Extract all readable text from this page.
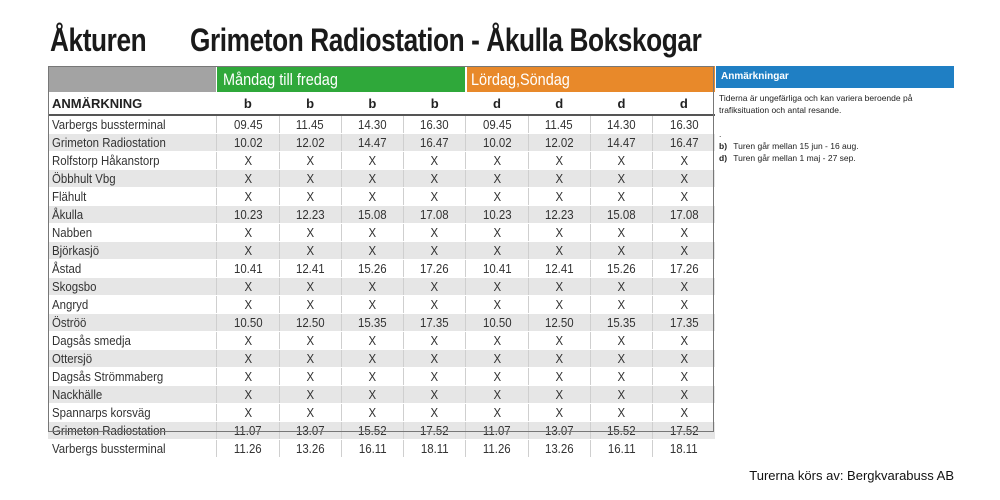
Åkturen Grimeton Radiostation - Åkulla Bokskogar
	Måndag till fredag				Lördag,Söndag			
ANMÄRKNING	b	b	b	b	d	d	d	d
Varbergs bussterminal	09.45	11.45	14.30	16.30	09.45	11.45	14.30	16.30
Grimeton Radiostation	10.02	12.02	14.47	16.47	10.02	12.02	14.47	16.47
Rolfstorp Håkanstorp	X	X	X	X	X	X	X	X
Öbbhult Vbg	X	X	X	X	X	X	X	X
Flähult	X	X	X	X	X	X	X	X
Åkulla	10.23	12.23	15.08	17.08	10.23	12.23	15.08	17.08
Nabben	X	X	X	X	X	X	X	X
Björkasjö	X	X	X	X	X	X	X	X
Åstad	10.41	12.41	15.26	17.26	10.41	12.41	15.26	17.26
Skogsbo	X	X	X	X	X	X	X	X
Angryd	X	X	X	X	X	X	X	X
Öströö	10.50	12.50	15.35	17.35	10.50	12.50	15.35	17.35
Dagsås smedja	X	X	X	X	X	X	X	X
Ottersjö	X	X	X	X	X	X	X	X
Dagsås Strömmaberg	X	X	X	X	X	X	X	X
Nackhälle	X	X	X	X	X	X	X	X
Spannarps korsväg	X	X	X	X	X	X	X	X
Grimeton Radiostation	11.07	13.07	15.52	17.52	11.07	13.07	15.52	17.52
Varbergs bussterminal	11.26	13.26	16.11	18.11	11.26	13.26	16.11	18.11
Anmärkningar

Tiderna är ungefärliga och kan variera beroende på trafiksituation och antal resande.

.

b) Turen går mellan 15 jun - 16 aug.

d) Turen går mellan 1 maj - 27 sep.

Turerna körs av: Bergkvarabuss AB
